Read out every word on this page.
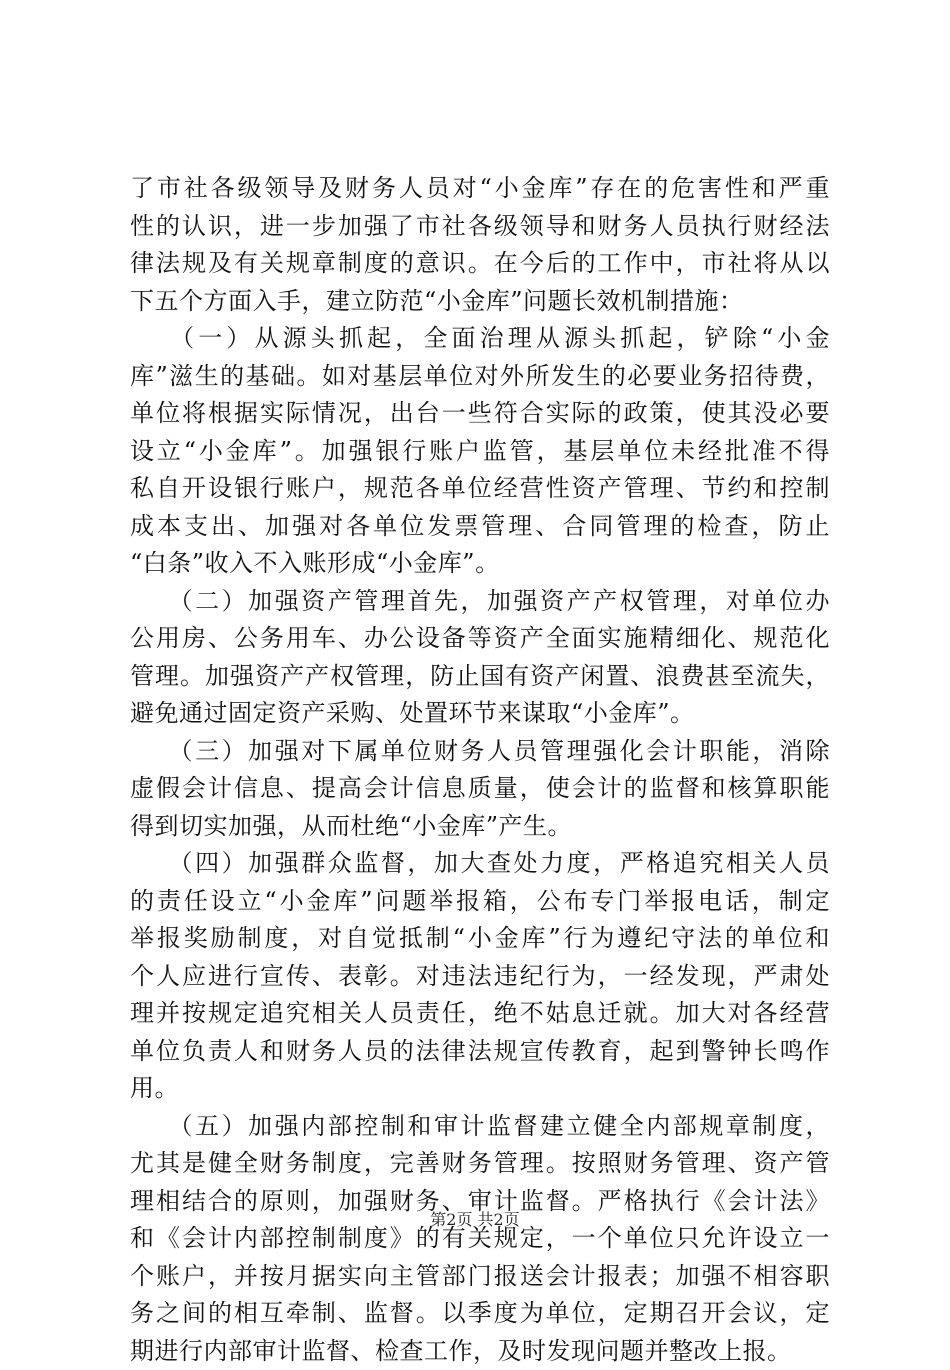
了市社各级领导及财务人员对“小金库”存在的危害性和严重
性的认识，进一步加强了市社各级领导和财务人员执行财经法
律法规及有关规章制度的意识。在今后的工作中，市社将从以
下五个方面入手，建立防范“小金库”问题长效机制措施：
　（一）从源头抓起，全面治理从源头抓起，铲除“小金
库”滋生的基础。如对基层单位对外所发生的必要业务招待费，
单位将根据实际情况，出台一些符合实际的政策，使其没必要
设立“小金库”。加强银行账户监管，基层单位未经批准不得
私自开设银行账户，规范各单位经营性资产管理、节约和控制
成本支出、加强对各单位发票管理、合同管理的检查，防止
“白条”收入不入账形成“小金库”。
　（二）加强资产管理首先，加强资产产权管理，对单位办
公用房、公务用车、办公设备等资产全面实施精细化、规范化
管理。加强资产产权管理，防止国有资产闲置、浪费甚至流失，
避免通过固定资产采购、处置环节来谋取“小金库”。
　（三）加强对下属单位财务人员管理强化会计职能，消除
虚假会计信息、提高会计信息质量，使会计的监督和核算职能
得到切实加强，从而杜绝“小金库”产生。
　（四）加强群众监督，加大查处力度，严格追究相关人员
的责任设立“小金库”问题举报箱，公布专门举报电话，制定
举报奖励制度，对自觉抵制“小金库”行为遵纪守法的单位和
个人应进行宣传、表彰。对违法违纪行为，一经发现，严肃处
理并按规定追究相关人员责任，绝不姑息迁就。加大对各经营
单位负责人和财务人员的法律法规宣传教育，起到警钟长鸣作
用。
　（五）加强内部控制和审计监督建立健全内部规章制度，
尤其是健全财务制度，完善财务管理。按照财务管理、资产管
理相结合的原则，加强财务、审计监督。严格执行《会计法》
和《会计内部控制制度》的有关规定，一个单位只允许设立一
个账户，并按月据实向主管部门报送会计报表；加强不相容职
务之间的相互牵制、监督。以季度为单位，定期召开会议，定
期进行内部审计监督、检查工作，及时发现问题并整改上报。
第2页 共2页
